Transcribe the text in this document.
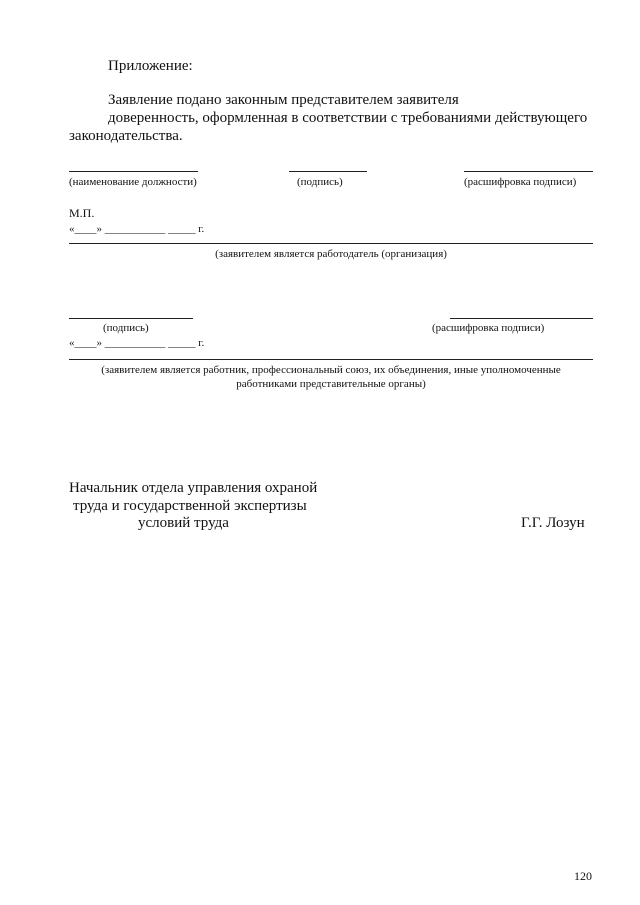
Приложение:
Заявление подано законным представителем заявителя
доверенность, оформленная в соответствии с требованиями действующего
законодательства.
(наименование должности)	(подпись)	(расшифровка подписи)
М.П.
«____» ___________ _____ г.
(заявителем является работодатель (организация)
(подпись)	(расшифровка подписи)
«____» ___________ _____ г.
(заявителем является работник, профессиональный союз, их объединения, иные уполномоченные
работниками представительные органы)
Начальник отдела управления охраной
труда и государственной экспертизы
условий труда	Г.Г. Лозун
120
